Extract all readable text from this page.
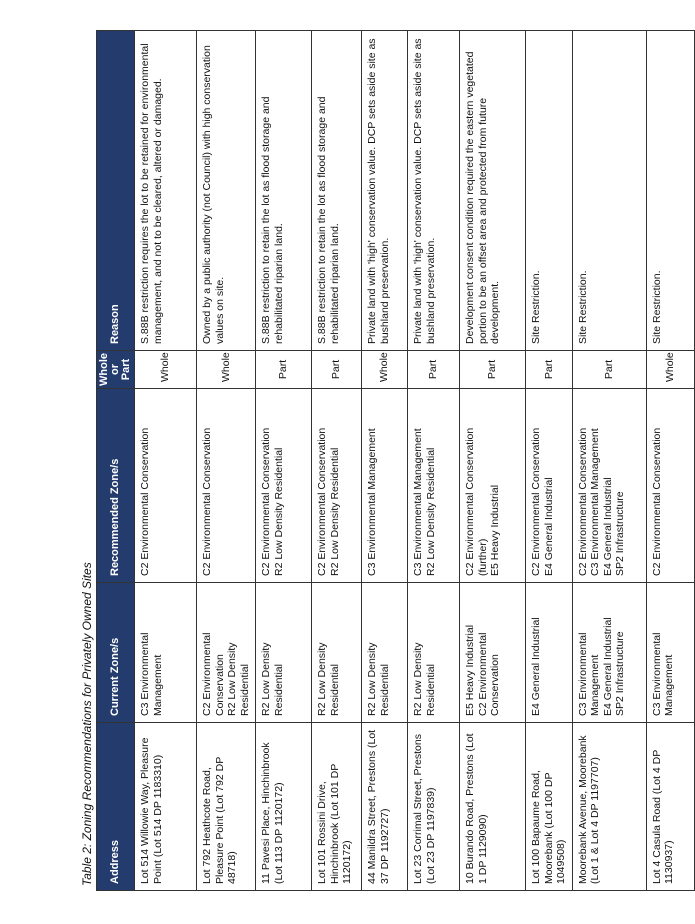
Table 2: Zoning Recommendations for Privately Owned Sites Address	Current Zone/s	Recommended Zone/s	Whole or Part	Reason
Lot 514 Willowie Way, Pleasure Point (Lot 514 DP 1183310)	C3 Environmental Management	C2 Environmental Conservation	Whole	S.88B restriction requires the lot to be retained for environmental management, and not to be cleared, altered or damaged.
Lot 792 Heathcote Road, Pleasure Point (Lot 792 DP 48718)	C2 Environmental Conservation R2 Low Density Residential	C2 Environmental Conservation	Whole	Owned by a public authority (not Council) with high conservation values on site.
11 Pavesi Place, Hinchinbrook (Lot 113 DP 1120172)	R2 Low Density Residential	C2 Environmental Conservation R2 Low Density Residential	Part	S.88B restriction to retain the lot as flood storage and rehabilitated riparian land.
Lot 101 Rossini Drive, Hinchinbrook (Lot 101 DP 1120172)	R2 Low Density Residential	C2 Environmental Conservation R2 Low Density Residential	Part	S.88B restriction to retain the lot as flood storage and rehabilitated riparian land.
44 Manildra Street, Prestons (Lot 37 DP 1192727)	R2 Low Density Residential	C3 Environmental Management	Whole	Private land with 'high' conservation value. DCP sets aside site as bushland preservation.
Lot 23 Corrimal Street, Prestons (Lot 23 DP 1197839)	R2 Low Density Residential	C3 Environmental Management R2 Low Density Residential	Part	Private land with 'high' conservation value. DCP sets aside site as bushland preservation.
10 Burando Road, Prestons (Lot 1 DP 1129090)	E5 Heavy Industrial C2 Environmental Conservation	C2 Environmental Conservation (further) E5 Heavy Industrial	Part	Development consent condition required the eastern vegetated portion to be an offset area and protected from future development.
Lot 100 Bapaume Road, Moorebank (Lot 100 DP 1049508)	E4 General Industrial	C2 Environmental Conservation E4 General Industrial	Part	Site Restriction.
Moorebank Avenue, Moorebank (Lot 1 & Lot 4 DP 1197707)	C3 Environmental Management E4 General Industrial SP2 Infrastructure	C2 Environmental Conservation C3 Environmental Management E4 General Industrial SP2 Infrastructure	Part	Site Restriction.
Lot 4 Casula Road (Lot 4 DP 1130937)	C3 Environmental Management	C2 Environmental Conservation	Whole	Site Restriction.
